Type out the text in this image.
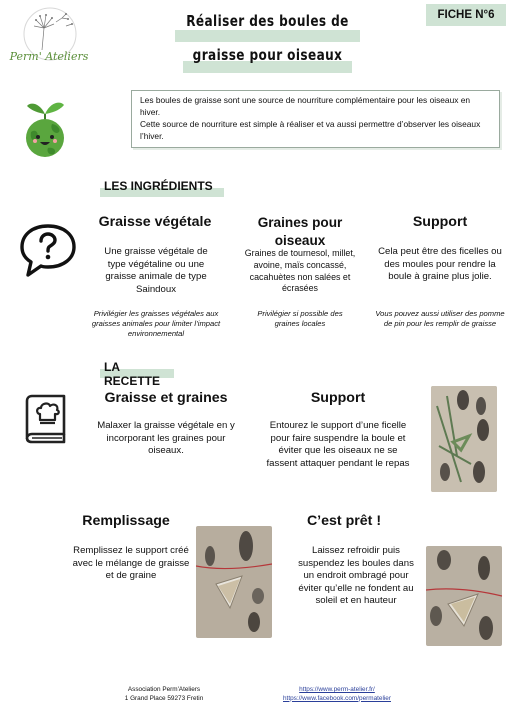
Perm' Ateliers
Réaliser des boules de
graisse pour oiseaux
FICHE N°6

Les boules de graisse sont une source de nourriture complémentaire pour les oiseaux en hiver.

Cette source de nourriture est simple à réaliser et va aussi permettre d’observer les oiseaux l’hiver.

LES INGRÉDIENTS
Graisse végétale
Une graisse végétale de type végétaline ou une graisse animale de type Saindoux
Privilégier les graisses végétales aux graisses animales pour limiter l’impact environnemental
Graines pour oiseaux
Graines de tournesol, millet, avoine, maïs concassé, cacahuètes non salées et écrasées
Privilégier si possible des graines locales
Support
Cela peut être des ficelles ou des moules pour rendre la boule à graine plus jolie.
Vous pouvez aussi utiliser des pomme de pin pour les remplir de graisse
LA RECETTE
Graisse et graines
Malaxer la graisse végétale en y incorporant les graines pour oiseaux.
Support
Entourez le support d’une ficelle pour faire suspendre la boule et éviter que les oiseaux ne se fassent attaquer pendant le repas
Remplissage
Remplissez le support créé avec le mélange de graisse et de graine
C’est prêt !
Laissez refroidir puis suspendez les boules dans un endroit ombragé pour éviter qu’elle ne fondent au soleil et en hauteur
Association Perm'Ateliers
1 Grand Place 59273 Fretin
https://www.perm-atelier.fr/
https://www.facebook.com/permatelier
